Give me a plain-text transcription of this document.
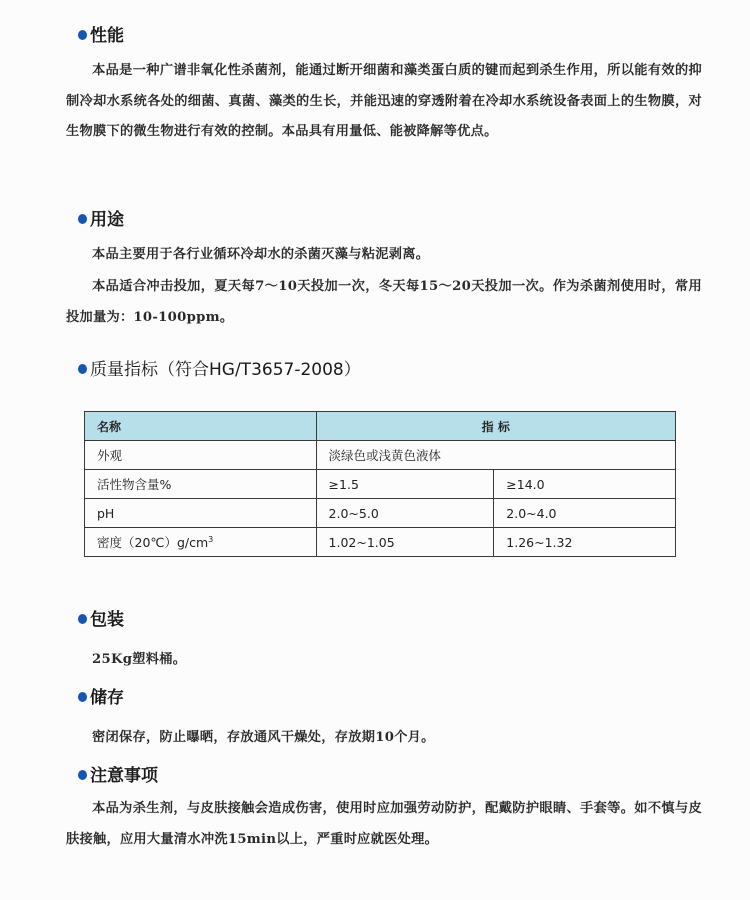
性能
本品是一种广谱非氧化性杀菌剂，能通过断开细菌和藻类蛋白质的键而起到杀生作用，所以能有效的抑制冷却水系统各处的细菌、真菌、藻类的生长，并能迅速的穿透附着在冷却水系统设备表面上的生物膜，对生物膜下的微生物进行有效的控制。本品具有用量低、能被降解等优点。
用途
本品主要用于各行业循环冷却水的杀菌灭藻与粘泥剥离。
本品适合冲击投加，夏天每7～10天投加一次，冬天每15～20天投加一次。作为杀菌剂使用时，常用投加量为：10-100ppm。
质量指标（符合HG/T3657-2008）
名称	指 标	
外观	淡绿色或浅黄色液体	
活性物含量%	≥1.5	≥14.0
pH	2.0~5.0	2.0~4.0
密度$(20℃)g/cm^3$	1.02~1.05	1.26~1.32
包装
25Kg塑料桶。
储存
密闭保存，防止曝晒，存放通风干燥处，存放期10个月。
注意事项
本品为杀生剂，与皮肤接触会造成伤害，使用时应加强劳动防护，配戴防护眼睛、手套等。如不慎与皮肤接触，应用大量清水冲洗15min以上，严重时应就医处理。
